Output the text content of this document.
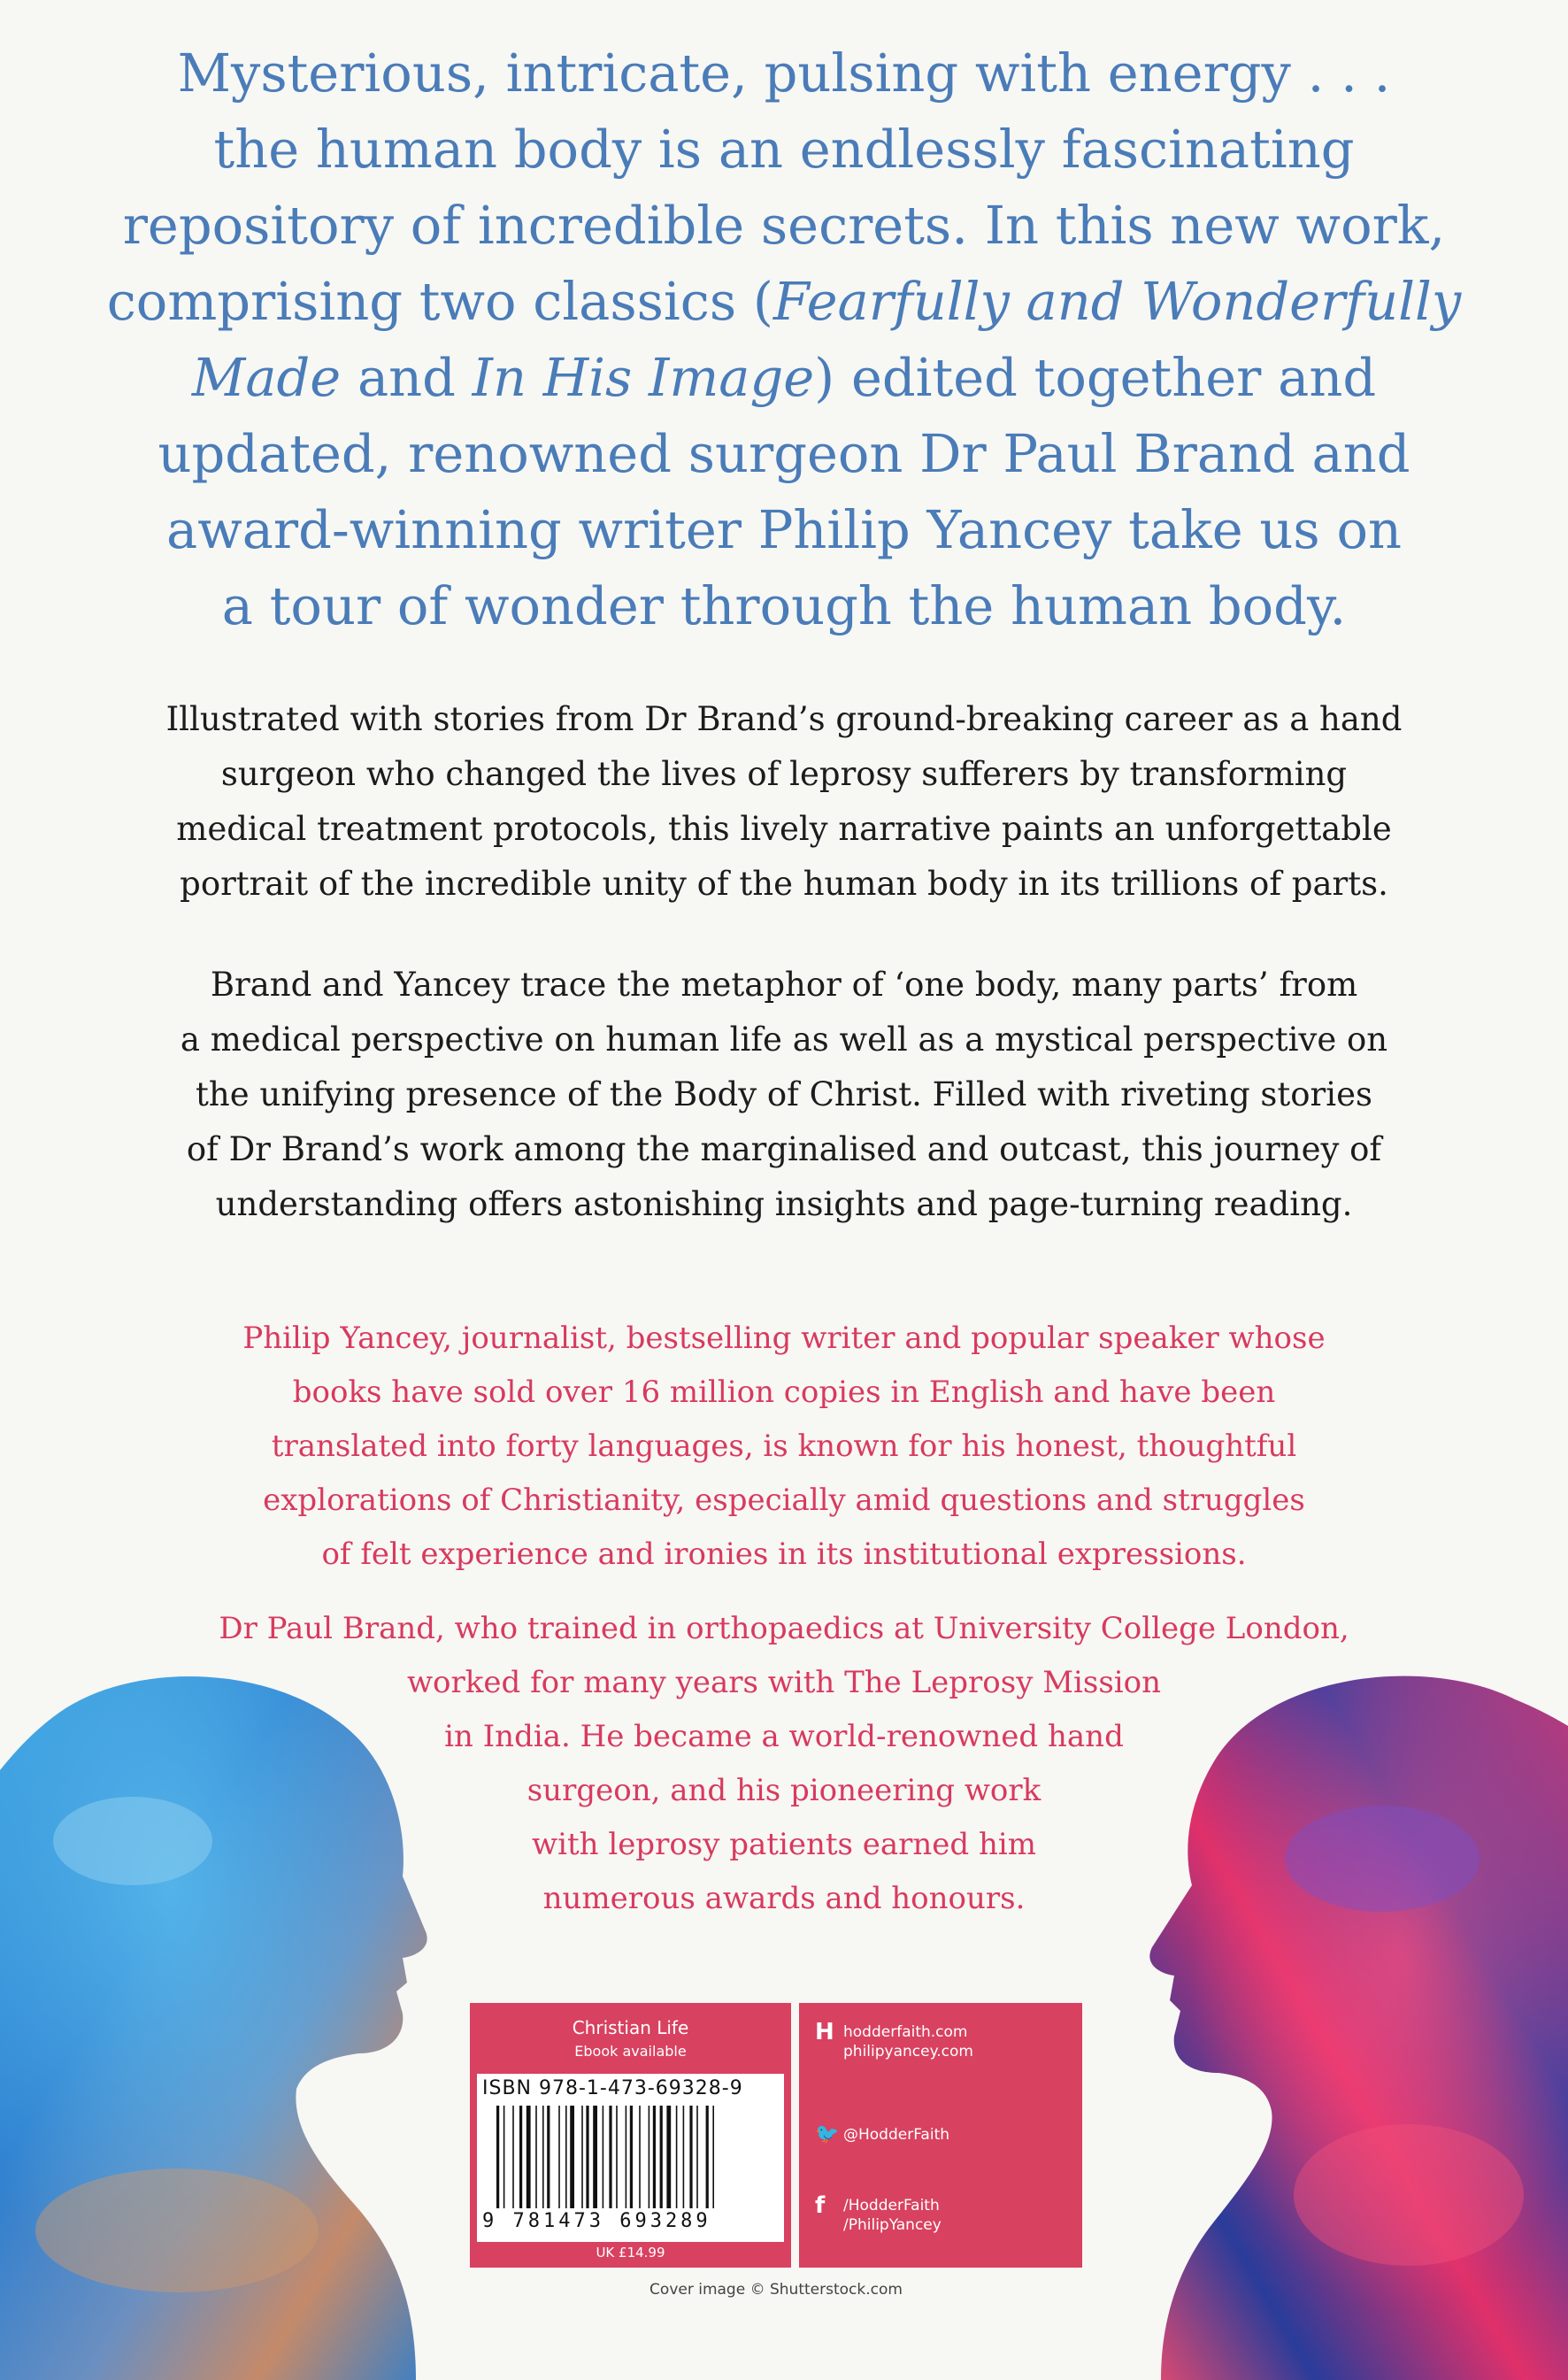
Mysterious, intricate, pulsing with energy . . .
the human body is an endlessly fascinating
repository of incredible secrets. In this new work,
comprising two classics (Fearfully and Wonderfully Made and In His Image) edited together and
updated, renowned surgeon Dr Paul Brand and
award-winning writer Philip Yancey take us on
a tour of wonder through the human body.
Illustrated with stories from Dr Brand’s ground-breaking career as a hand
surgeon who changed the lives of leprosy sufferers by transforming
medical treatment protocols, this lively narrative paints an unforgettable
portrait of the incredible unity of the human body in its trillions of parts.
Brand and Yancey trace the metaphor of ‘one body, many parts’ from
a medical perspective on human life as well as a mystical perspective on
the unifying presence of the Body of Christ. Filled with riveting stories
of Dr Brand’s work among the marginalised and outcast, this journey of
understanding offers astonishing insights and page-turning reading.
Philip Yancey, journalist, bestselling writer and popular speaker whose
books have sold over 16 million copies in English and have been
translated into forty languages, is known for his honest, thoughtful
explorations of Christianity, especially amid questions and struggles
of felt experience and ironies in its institutional expressions.
Dr Paul Brand, who trained in orthopaedics at University College London,
worked for many years with The Leprosy Mission
in India. He became a world-renowned hand
surgeon, and his pioneering work
with leprosy patients earned him
numerous awards and honours.
Christian Life
Ebook available
ISBN 978-1-473-69328-9
9 781473 693289
UK £14.99
H hodderfaith.com
philipyancey.com
🐦 @HodderFaith
f /HodderFaith
/PhilipYancey
Cover image © Shutterstock.com
